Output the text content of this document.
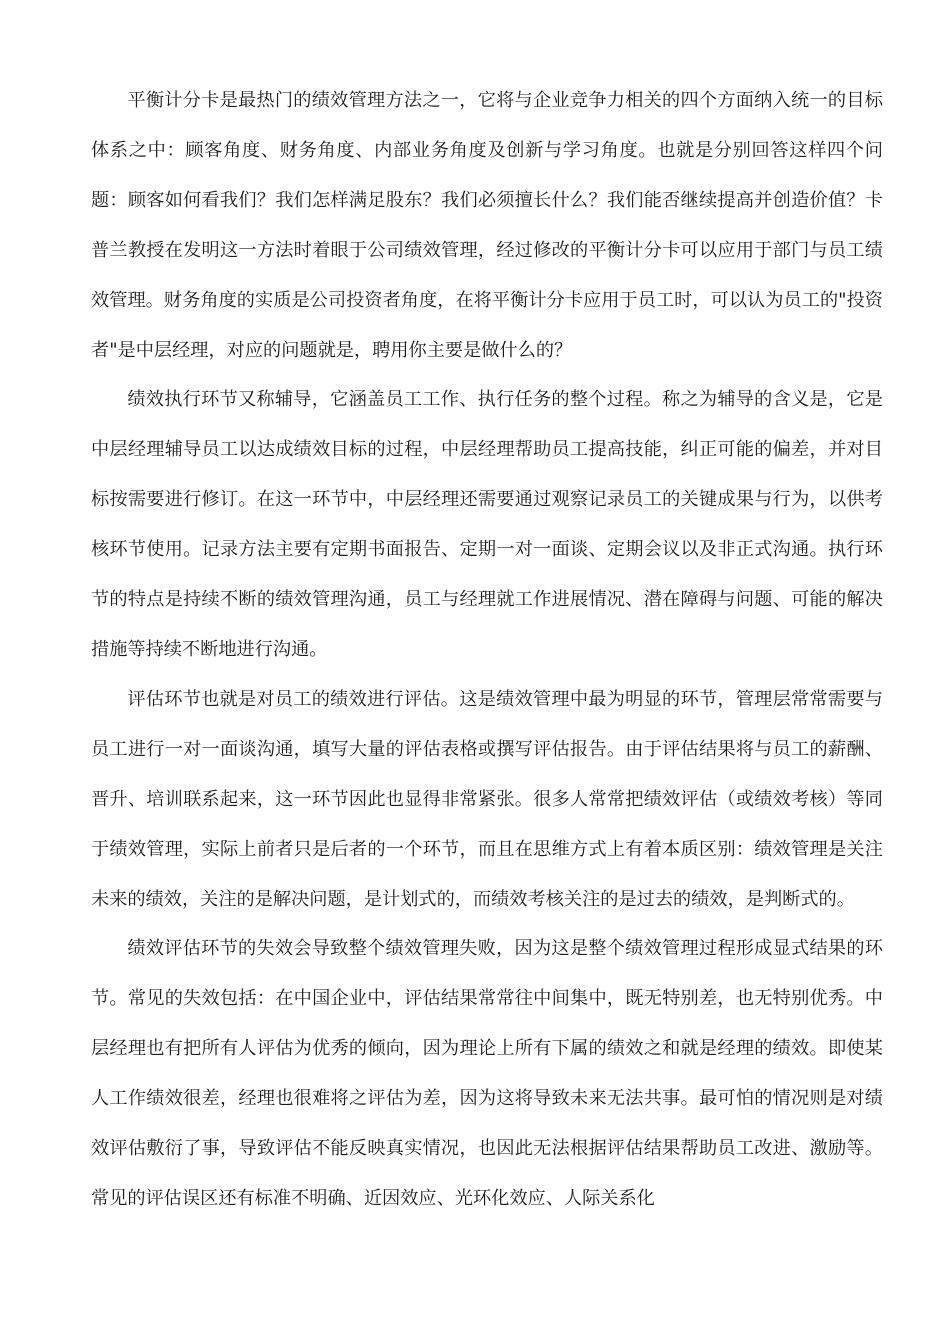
平衡计分卡是最热门的绩效管理方法之一，它将与企业竞争力相关的四个方面纳入统一的目标体系之中：顾客角度、财务角度、内部业务角度及创新与学习角度。也就是分别回答这样四个问题：顾客如何看我们？我们怎样满足股东？我们必须擅长什么？我们能否继续提高并创造价值？卡普兰教授在发明这一方法时着眼于公司绩效管理，经过修改的平衡计分卡可以应用于部门与员工绩效管理。财务角度的实质是公司投资者角度，在将平衡计分卡应用于员工时，可以认为员工的"投资者"是中层经理，对应的问题就是，聘用你主要是做什么的？

绩效执行环节又称辅导，它涵盖员工工作、执行任务的整个过程。称之为辅导的含义是，它是中层经理辅导员工以达成绩效目标的过程，中层经理帮助员工提高技能，纠正可能的偏差，并对目标按需要进行修订。在这一环节中，中层经理还需要通过观察记录员工的关键成果与行为，以供考核环节使用。记录方法主要有定期书面报告、定期一对一面谈、定期会议以及非正式沟通。执行环节的特点是持续不断的绩效管理沟通，员工与经理就工作进展情况、潜在障碍与问题、可能的解决措施等持续不断地进行沟通。

评估环节也就是对员工的绩效进行评估。这是绩效管理中最为明显的环节，管理层常常需要与员工进行一对一面谈沟通，填写大量的评估表格或撰写评估报告。由于评估结果将与员工的薪酬、晋升、培训联系起来，这一环节因此也显得非常紧张。很多人常常把绩效评估（或绩效考核）等同于绩效管理，实际上前者只是后者的一个环节，而且在思维方式上有着本质区别：绩效管理是关注未来的绩效，关注的是解决问题，是计划式的，而绩效考核关注的是过去的绩效，是判断式的。

绩效评估环节的失效会导致整个绩效管理失败，因为这是整个绩效管理过程形成显式结果的环节。常见的失效包括：在中国企业中，评估结果常常往中间集中，既无特别差，也无特别优秀。中层经理也有把所有人评估为优秀的倾向，因为理论上所有下属的绩效之和就是经理的绩效。即使某人工作绩效很差，经理也很难将之评估为差，因为这将导致未来无法共事。最可怕的情况则是对绩效评估敷衍了事，导致评估不能反映真实情况，也因此无法根据评估结果帮助员工改进、激励等。常见的评估误区还有标准不明确、近因效应、光环化效应、人际关系化
